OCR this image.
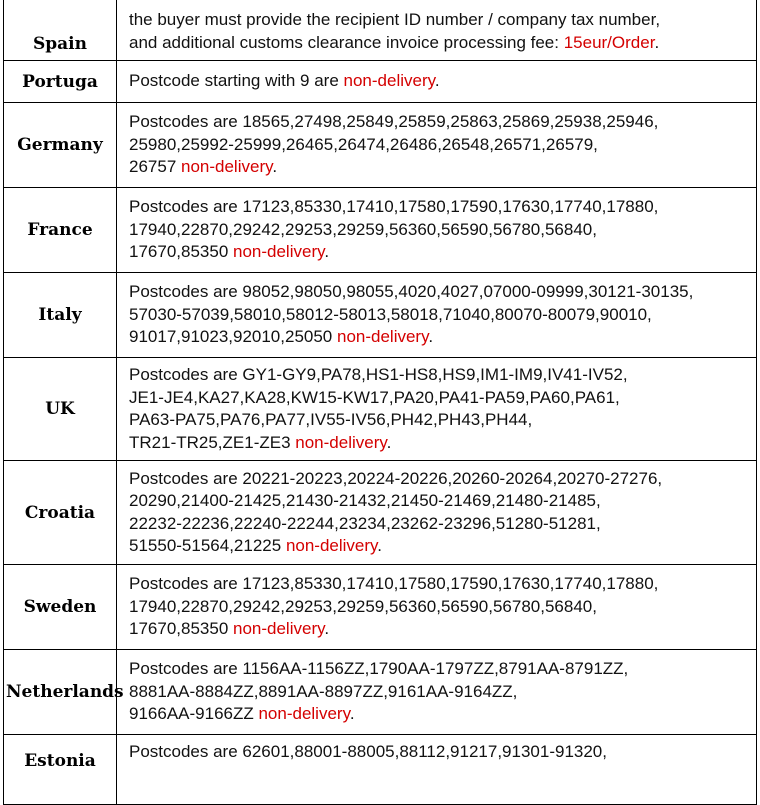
Spain	the buyer must provide the recipient ID number / company tax number,
and additional customs clearance invoice processing fee: 15eur/Order.
Portuga	Postcode starting with 9 are non-delivery.
Germany	Postcodes are 18565,27498,25849,25859,25863,25869,25938,25946,
25980,25992-25999,26465,26474,26486,26548,26571,26579,
26757 non-delivery.
France	Postcodes are 17123,85330,17410,17580,17590,17630,17740,17880,
17940,22870,29242,29253,29259,56360,56590,56780,56840,
17670,85350 non-delivery.
Italy	Postcodes are 98052,98050,98055,4020,4027,07000-09999,30121-30135,
57030-57039,58010,58012-58013,58018,71040,80070-80079,90010,
91017,91023,92010,25050 non-delivery.
UK	Postcodes are GY1-GY9,PA78,HS1-HS8,HS9,IM1-IM9,IV41-IV52,
JE1-JE4,KA27,KA28,KW15-KW17,PA20,PA41-PA59,PA60,PA61,
PA63-PA75,PA76,PA77,IV55-IV56,PH42,PH43,PH44,
TR21-TR25,ZE1-ZE3 non-delivery.
Croatia	Postcodes are 20221-20223,20224-20226,20260-20264,20270-27276,
20290,21400-21425,21430-21432,21450-21469,21480-21485,
22232-22236,22240-22244,23234,23262-23296,51280-51281,
51550-51564,21225 non-delivery.
Sweden	Postcodes are 17123,85330,17410,17580,17590,17630,17740,17880,
17940,22870,29242,29253,29259,56360,56590,56780,56840,
17670,85350 non-delivery.
Netherlands	Postcodes are 1156AA-1156ZZ,1790AA-1797ZZ,8791AA-8791ZZ,
8881AA-8884ZZ,8891AA-8897ZZ,9161AA-9164ZZ,
9166AA-9166ZZ non-delivery.
Estonia	Postcodes are 62601,88001-88005,88112,91217,91301-91320,
